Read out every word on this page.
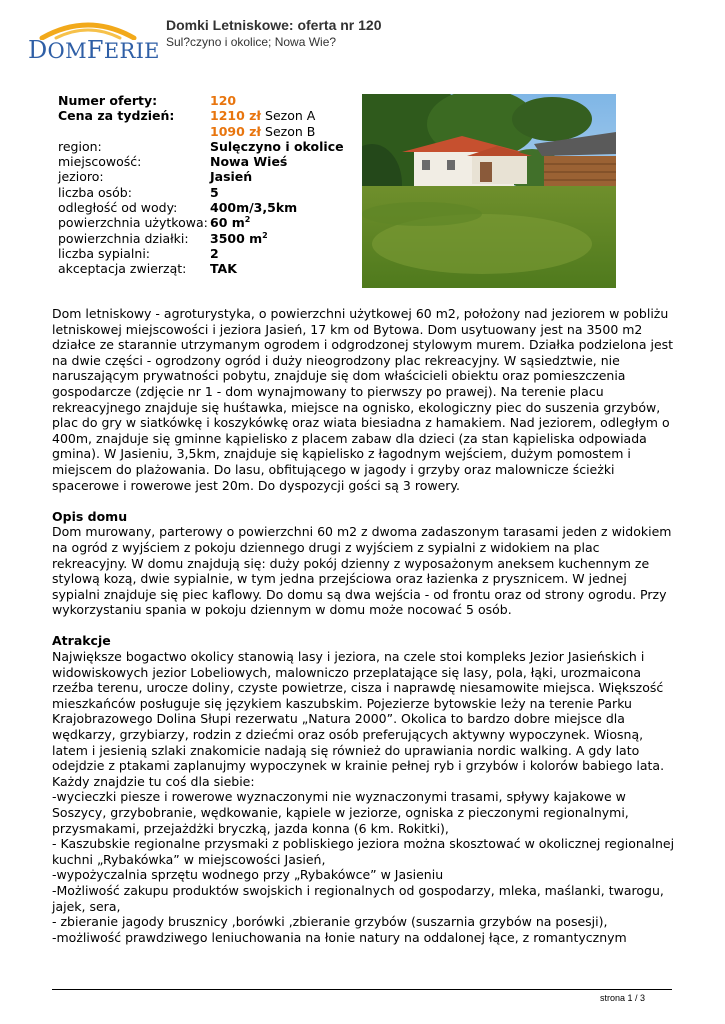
DOMFERIE
Domki Letniskowe: oferta nr 120
Sul?czyno i okolice; Nowa Wie?
Numer oferty:	120
Cena za tydzień:	1210 zł Sezon A
1090 zł Sezon B
region:	Sulęczyno i okolice
miejscowość:	Nowa Wieś
jezioro:	Jasień
liczba osób:	5
odległość od wody:	400m/3,5km
powierzchnia użytkowa: 60 $m^2$
powierzchnia działki:	3500 $m^2$
liczba sypialni:	2
akceptacja zwierząt:	TAK

Dom letniskowy - agroturystyka, o powierzchni użytkowej 60 m2, położony nad jeziorem w pobliżu letniskowej miejscowości i jeziora Jasień, 17 km od Bytowa. Dom usytuowany jest na 3500 m2 działce ze starannie utrzymanym ogrodem i odgrodzonej stylowym murem. Działka podzielona jest na dwie części - ogrodzony ogród i duży nieogrodzony plac rekreacyjny. W sąsiedztwie, nie naruszającym prywatności pobytu, znajduje się dom właścicieli obiektu oraz pomieszczenia gospodarcze (zdjęcie nr 1 - dom wynajmowany to pierwszy po prawej). Na terenie placu rekreacyjnego znajduje się huśtawka, miejsce na ognisko, ekologiczny piec do suszenia grzybów, plac do gry w siatkówkę i koszykówkę oraz wiata biesiadna z hamakiem. Nad jeziorem, odległym o 400m, znajduje się gminne kąpielisko z placem zabaw dla dzieci (za stan kąpieliska odpowiada gmina). W Jasieniu, 3,5km, znajduje się kąpielisko z łagodnym wejściem, dużym pomostem i miejscem do plażowania. Do lasu, obfitującego w jagody i grzyby oraz malownicze ścieżki spacerowe i rowerowe jest 20m. Do dyspozycji gości są 3 rowery.

Opis domu

Dom murowany, parterowy o powierzchni 60 m2 z dwoma zadaszonym tarasami jeden z widokiem na ogród z wyjściem z pokoju dziennego drugi z wyjściem z sypialni z widokiem na plac rekreacyjny. W domu znajdują się: duży pokój dzienny z wyposażonym aneksem kuchennym ze stylową kozą, dwie sypialnie, w tym jedna przejściowa oraz łazienka z prysznicem. W jednej sypialni znajduje się piec kaflowy. Do domu są dwa wejścia - od frontu oraz od strony ogrodu. Przy wykorzystaniu spania w pokoju dziennym w domu może nocować 5 osób.

Atrakcje

Największe bogactwo okolicy stanowią lasy i jeziora, na czele stoi kompleks Jezior Jasieńskich i widowiskowych jezior Lobeliowych, malowniczo przeplatające się lasy, pola, łąki, urozmaicona rzeźba terenu, urocze doliny, czyste powietrze, cisza i naprawdę niesamowite miejsca. Większość mieszkańców posługuje się językiem kaszubskim. Pojezierze bytowskie leży na terenie Parku Krajobrazowego Dolina Słupi rezerwatu „Natura 2000”. Okolica to bardzo dobre miejsce dla wędkarzy, grzybiarzy, rodzin z dziećmi oraz osób preferujących aktywny wypoczynek. Wiosną, latem i jesienią szlaki znakomicie nadają się również do uprawiania nordic walking. A gdy lato odejdzie z ptakami zaplanujmy wypoczynek w krainie pełnej ryb i grzybów i kolorów babiego lata.

Każdy znajdzie tu coś dla siebie:

-wycieczki piesze i rowerowe wyznaczonymi nie wyznaczonymi trasami, spływy kajakowe w Soszycy, grzybobranie, wędkowanie, kąpiele w jeziorze, ogniska z pieczonymi regionalnymi, przysmakami, przejażdżki bryczką, jazda konna (6 km. Rokitki),

- Kaszubskie regionalne przysmaki z pobliskiego jeziora można skosztować w okolicznej regionalnej kuchni „Rybakówka” w miejscowości Jasień,

-wypożyczalnia sprzętu wodnego przy „Rybakówce” w Jasieniu

-Możliwość zakupu produktów swojskich i regionalnych od gospodarzy, mleka, maślanki, twarogu, jajek, sera,

- zbieranie jagody brusznicy ,borówki ,zbieranie grzybów (suszarnia grzybów na posesji),

-możliwość prawdziwego leniuchowania na łonie natury na oddalonej łące, z romantycznym

strona 1 / 3
